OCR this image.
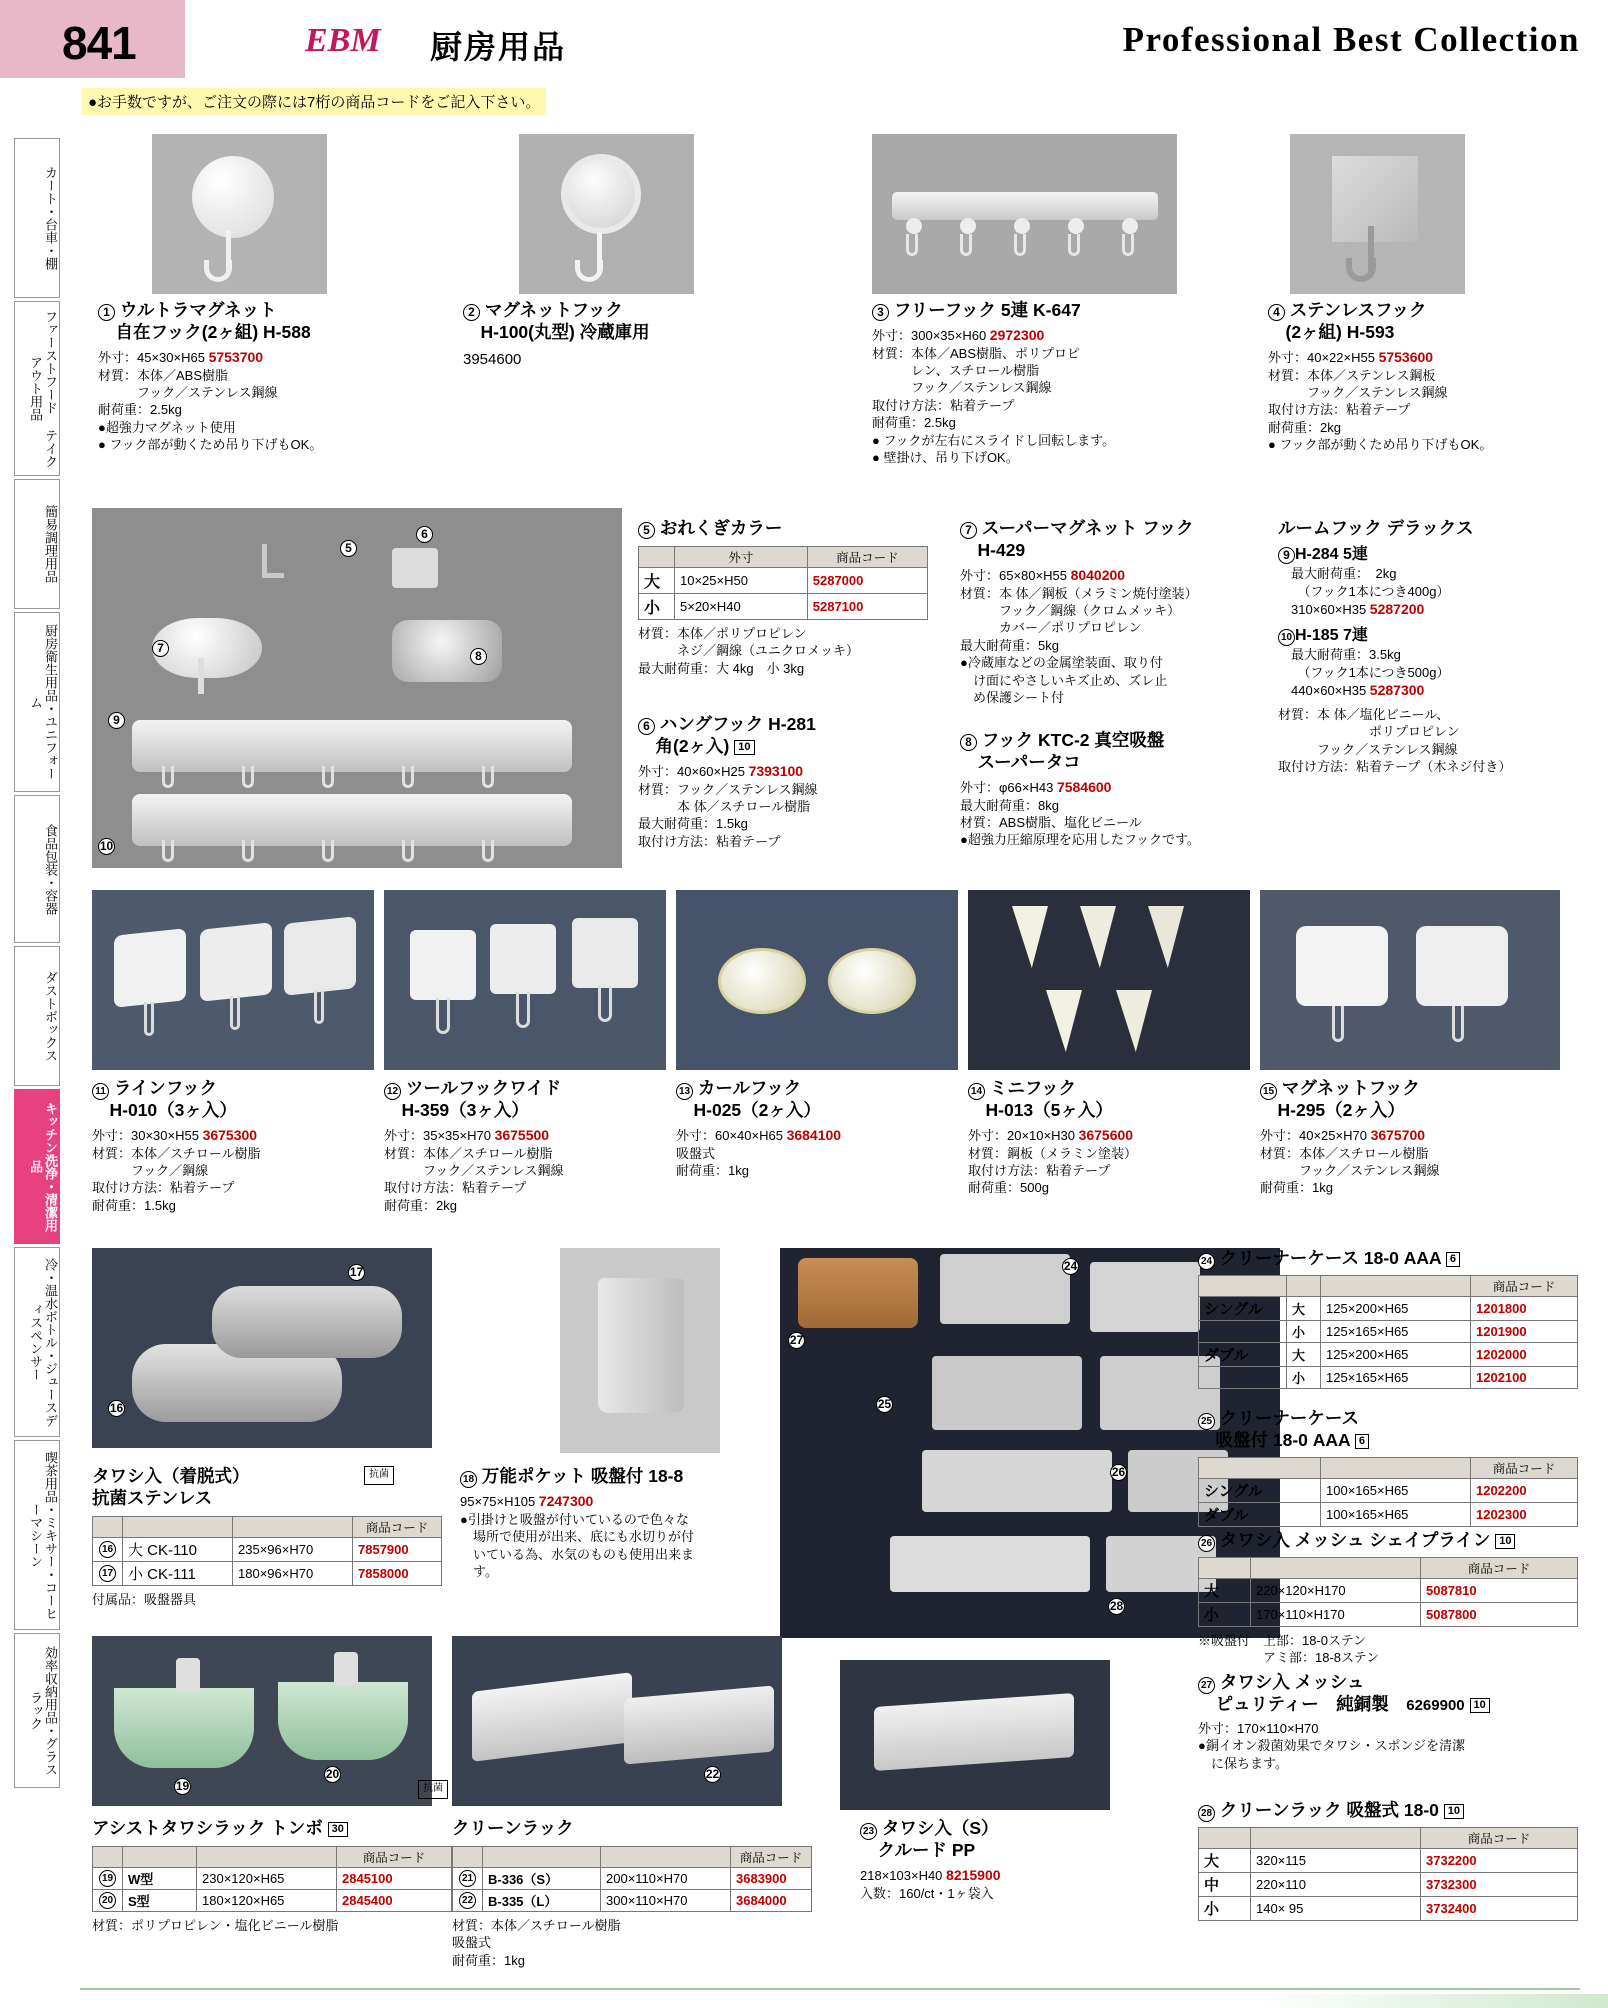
841	EBM 厨房用品	Professional Best Collection
●お手数ですが、ご注文の際には7桁の商品コードをご記入下さい。
カート・台車・棚
ファーストフード テイクアウト用品
簡易調理用品
厨房衛生用品・ユニフォーム
食品包装・容器
ダストボックス
キッチン洗浄・清潔用品
冷・温水ボトル・ジュースディスペンサー
喫茶用品・ミキサー・コーヒーマシーン
効率収納用品・グラスラック
1 ウルトラマグネット
　自在フック(2ヶ組) H-588
外寸：45×30×H65 5753700
材質：本体／ABS樹脂
　　　フック／ステンレス鋼線
耐荷重：2.5kg
●超強力マグネット使用
● フック部が動くため吊り下げもOK。
2 マグネットフック
　H-100(丸型) 冷蔵庫用
3954600
3 フリーフック 5連 K-647
外寸：300×35×H60 2972300
材質：本体／ABS樹脂、ポリプロピ
　　　レン、スチロール樹脂
　　　フック／ステンレス鋼線
取付け方法：粘着テープ
耐荷重：2.5kg
● フックが左右にスライドし回転します。
● 壁掛け、吊り下げOK。
4 ステンレスフック
　(2ヶ組) H-593
外寸：40×22×H55 5753600
材質：本体／ステンレス鋼板
　　　フック／ステンレス鋼線
取付け方法：粘着テープ
耐荷重：2kg
● フック部が動くため吊り下げもOK。
5
6
7
8
9
10
5 おれくぎカラー
	外寸	商品コード
大	10×25×H50	5287000
小	5×20×H40	5287100
材質：本体／ポリプロピレン
　　　ネジ／鋼線（ユニクロメッキ）
最大耐荷重：大 4kg　小 3kg
6 ハングフック H-281
　角(2ヶ入) 10
外寸：40×60×H25 7393100
材質：フック／ステンレス鋼線
　　　本 体／スチロール樹脂
最大耐荷重：1.5kg
取付け方法：粘着テープ
7 スーパーマグネット フック
　H-429
外寸：65×80×H55 8040200
材質：本 体／鋼板（メラミン焼付塗装）
　　　フック／鋼線（クロムメッキ）
　　　カバー／ポリプロピレン
最大耐荷重：5kg
●冷蔵庫などの金属塗装面、取り付
　け面にやさしいキズ止め、ズレ止
　め保護シート付
8 フック KTC-2 真空吸盤
　スーパータコ
外寸：φ66×H43 7584600
最大耐荷重：8kg
材質：ABS樹脂、塩化ビニール
●超強力圧縮原理を応用したフックです。
ルームフック デラックス
9 H-284 5連
　最大耐荷重：　2kg
　　（フック1本につき400g）
　310×60×H35 5287200
10 H-185 7連
　最大耐荷重：3.5kg
　　（フック1本につき500g）
　440×60×H35 5287300
材質：本 体／塩化ビニール、
　　　　　　　ポリプロピレン
　　　フック／ステンレス鋼線
取付け方法：粘着テープ（木ネジ付き）
11 ラインフック
　H-010（3ヶ入）
外寸：30×30×H55 3675300
材質：本体／スチロール樹脂
　　　フック／鋼線
取付け方法：粘着テープ
耐荷重：1.5kg
12 ツールフックワイド
　H-359（3ヶ入）
外寸：35×35×H70 3675500
材質：本体／スチロール樹脂
　　　フック／ステンレス鋼線
取付け方法：粘着テープ
耐荷重：2kg
13 カールフック
　H-025（2ヶ入）
外寸：60×40×H65 3684100
吸盤式
耐荷重：1kg
14 ミニフック
　H-013（5ヶ入）
外寸：20×10×H30 3675600
材質：鋼板（メラミン塗装）
取付け方法：粘着テープ
耐荷重：500g
15 マグネットフック
　H-295（2ヶ入）
外寸：40×25×H70 3675700
材質：本体／スチロール樹脂
　　　フック／ステンレス鋼線
耐荷重：1kg
17
16
タワシ入（着脱式）
抗菌ステンレス
抗菌
			商品コード
16	大 CK-110	235×96×H70	7857900
17	小 CK-111	180×96×H70	7858000
付属品：吸盤器具
18 万能ポケット 吸盤付 18-8
95×75×H105 7247300
●引掛けと吸盤が付いているので色々な
　場所で使用が出来、底にも水切りが付
　いている為、水気のものも使用出来ま
　す。
24
27
25
26
28
24 クリーナーケース 18-0 AAA 6
			商品コード
シングル	大	125×200×H65	1201800
	小	125×165×H65	1201900
ダブル	大	125×200×H65	1202000
	小	125×165×H65	1202100
25 クリーナーケース
　吸盤付 18-0 AAA 6
		商品コード
シングル	100×165×H65	1202200
ダブル	100×165×H65	1202300
26 タワシ入 メッシュ シェイプライン 10
		商品コード
大	220×120×H170	5087810
小	170×110×H170	5087800
※吸盤付　上部：18-0ステン
　　　　　アミ部：18-8ステン
27 タワシ入 メッシュ
　ピュリティー　純銅製　6269900 10
外寸：170×110×H70
●銅イオン殺菌効果でタワシ・スポンジを清潔
　に保ちます。
28 クリーンラック 吸盤式 18-0 10
		商品コード
大	320×115	3732200
中	220×110	3732300
小	140× 95	3732400
20
19
アシストタワシラック トンボ 30
抗菌
			商品コード
19	W型	230×120×H65	2845100
20	S型	180×120×H65	2845400
材質：ポリプロピレン・塩化ビニール樹脂
22
クリーンラック
			商品コード
21	B-336（S）	200×110×H70	3683900
22	B-335（L）	300×110×H70	3684000
材質：本体／スチロール樹脂
吸盤式
耐荷重：1kg
23 タワシ入（S）
　クルード PP
218×103×H40 8215900
入数：160/ct・1ヶ袋入
